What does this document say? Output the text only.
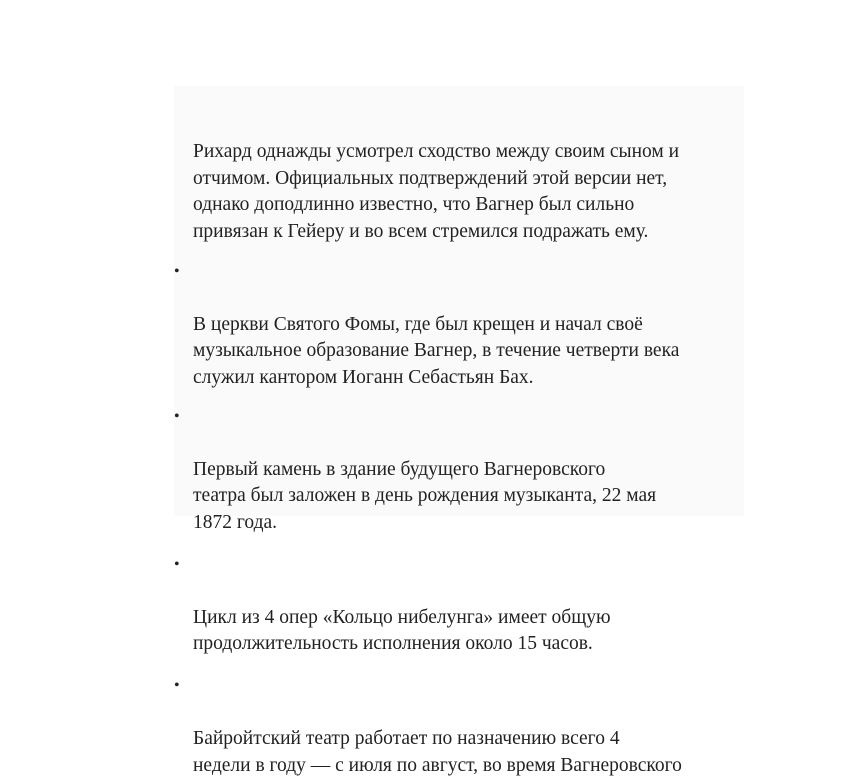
Рихард однажды усмотрел сходство между своим сыном и
отчимом. Официальных подтверждений этой версии нет,
однако доподлинно известно, что Вагнер был сильно
привязан к Гейеру и во всем стремился подражать ему.

•

В церкви Святого Фомы, где был крещен и начал своё
музыкальное образование Вагнер, в течение четверти века
служил кантором Иоганн Себастьян Бах.

•

Первый камень в здание будущего Вагнеровского
театра был заложен в день рождения музыканта, 22 мая
1872 года.

•

Цикл из 4 опер «Кольцо нибелунга» имеет общую
продолжительность исполнения около 15 часов.

•

Байройтский театр работает по назначению всего 4
недели в году — с июля по август, во время Вагнеровского
